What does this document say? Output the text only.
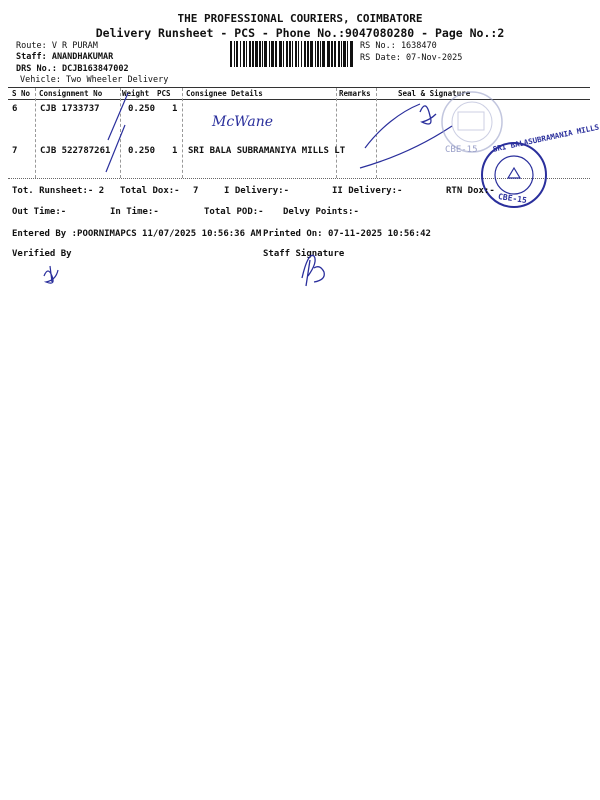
THE PROFESSIONAL COURIERS, COIMBATORE
Delivery Runsheet - PCS - Phone No.:9047080280 - Page No.:2
Route: V R PURAM
Staff: ANANDHAKUMAR
DRS No.: DCJB163847002
Vehicle: Two Wheeler Delivery
RS No.: 1638470
RS Date: 07-Nov-2025
S No Consignment No	Weight PCS Consignee Details	Remarks	Seal & Signature
6	CJB 1733737	0.250 1
McWane
7	CJB 522787261 0.250 1 SRI BALA SUBRAMANIYA MILLS LT	CBE-15 SRI BALASUBRAMANIA MILLS
CBE-15
Tot. Runsheet:- 2 Total Dox:- 7	I Delivery:-	II Delivery:-	RTN Dox:-
Out Time:-	In Time:-	Total POD:- Delvy Points:-
Entered By :POORNIMAPCS 11/07/2025 10:56:36 AM Printed On: 07-11-2025 10:56:42
Verified By	Staff Signature
